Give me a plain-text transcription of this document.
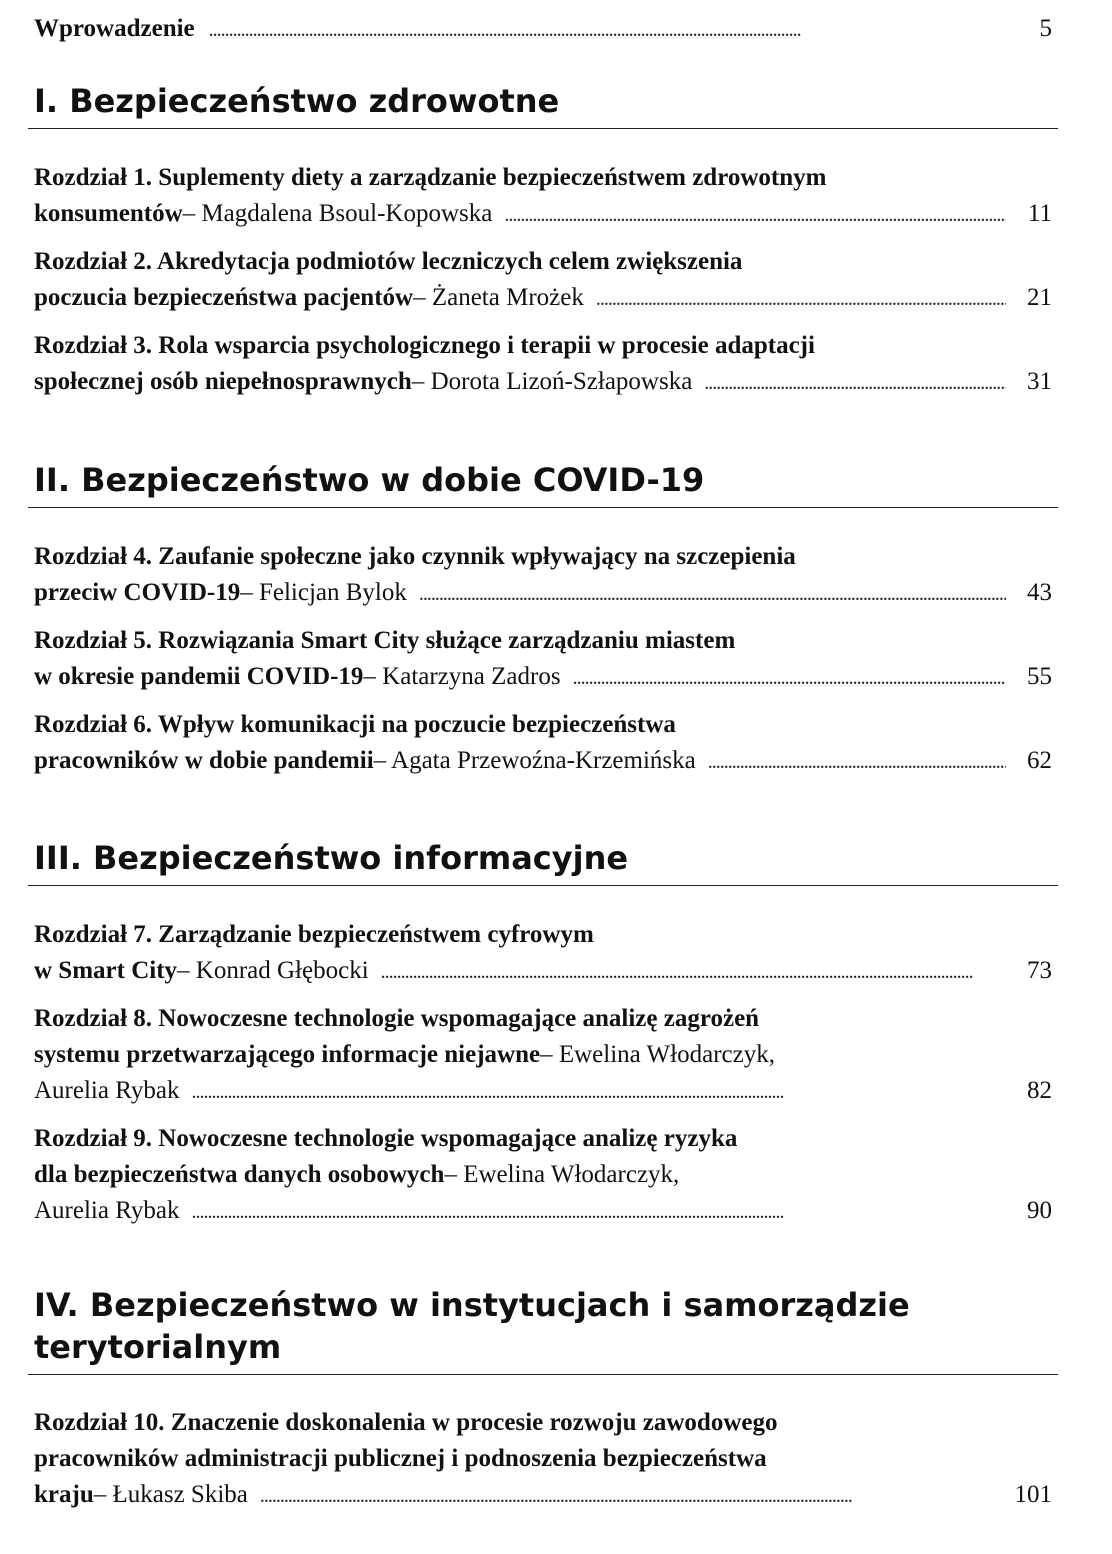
Wprowadzenie . . .	5
I. Bezpieczeństwo zdrowotne
Rozdział 1. Suplementy diety a zarządzanie bezpieczeństwem zdrowotnym
konsumentów – Magdalena Bsoul-Kopowska . . .	11
Rozdział 2. Akredytacja podmiotów leczniczych celem zwiększenia
poczucia bezpieczeństwa pacjentów – Żaneta Mrożek . . .	21
Rozdział 3. Rola wsparcia psychologicznego i terapii w procesie adaptacji
społecznej osób niepełnosprawnych – Dorota Lizoń-Szłapowska . . .	31
II. Bezpieczeństwo w dobie COVID-19
Rozdział 4. Zaufanie społeczne jako czynnik wpływający na szczepienia
przeciw COVID-19 – Felicjan Bylok . . .	43
Rozdział 5. Rozwiązania Smart City służące zarządzaniu miastem
w okresie pandemii COVID-19 – Katarzyna Zadros . . .	55
Rozdział 6. Wpływ komunikacji na poczucie bezpieczeństwa
pracowników w dobie pandemii – Agata Przewoźna-Krzemińska . . .	62
III. Bezpieczeństwo informacyjne
Rozdział 7. Zarządzanie bezpieczeństwem cyfrowym
w Smart City – Konrad Głębocki . . .	73
Rozdział 8. Nowoczesne technologie wspomagające analizę zagrożeń
systemu przetwarzającego informacje niejawne – Ewelina Włodarczyk,
Aurelia Rybak . . .	82
Rozdział 9. Nowoczesne technologie wspomagające analizę ryzyka
dla bezpieczeństwa danych osobowych – Ewelina Włodarczyk,
Aurelia Rybak . . .	90
IV. Bezpieczeństwo w instytucjach i samorządzie
terytorialnym
Rozdział 10. Znaczenie doskonalenia w procesie rozwoju zawodowego
pracowników administracji publicznej i podnoszenia bezpieczeństwa
kraju – Łukasz Skiba . . .	101
